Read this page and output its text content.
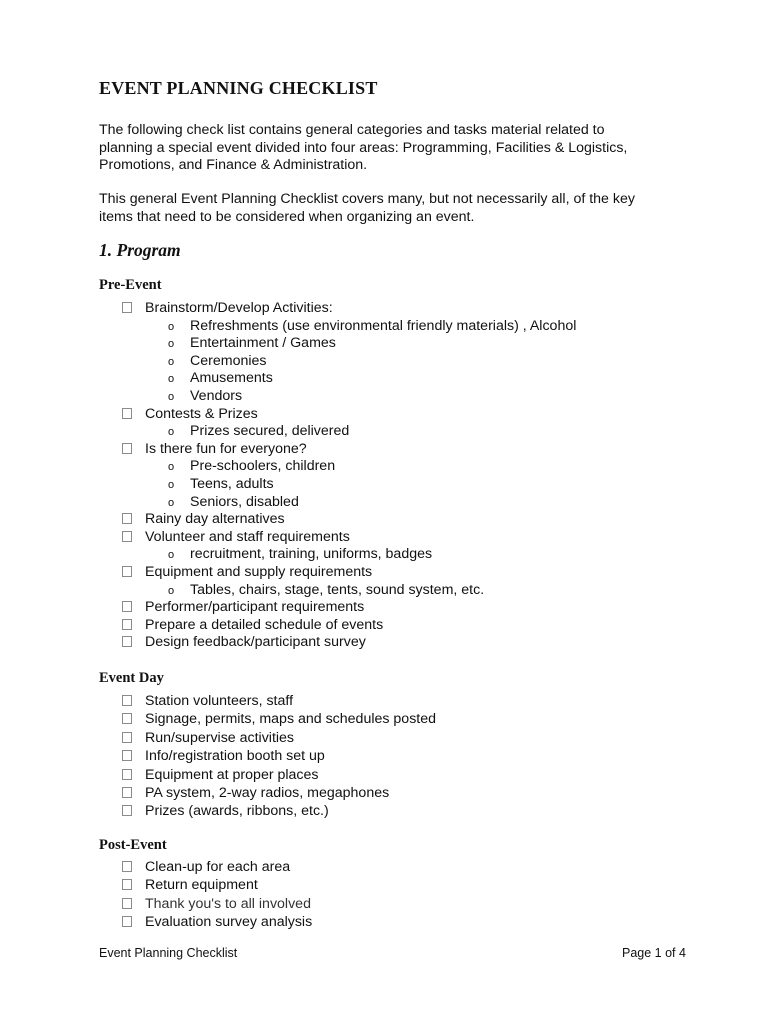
EVENT PLANNING CHECKLIST
The following check list contains general categories and tasks material related to
planning a special event divided into four areas: Programming, Facilities & Logistics,
Promotions, and Finance & Administration.
This general Event Planning Checklist covers many, but not necessarily all, of the key
items that need to be considered when organizing an event.
1. Program
Pre-Event
Brainstorm/Develop Activities:
o Refreshments (use environmental friendly materials) , Alcohol
o Entertainment / Games
o Ceremonies
o Amusements
o Vendors
Contests & Prizes
o Prizes secured, delivered
Is there fun for everyone?
o Pre-schoolers, children
o Teens, adults
o Seniors, disabled
Rainy day alternatives
Volunteer and staff requirements
o recruitment, training, uniforms, badges
Equipment and supply requirements
o Tables, chairs, stage, tents, sound system, etc.
Performer/participant requirements
Prepare a detailed schedule of events
Design feedback/participant survey
Event Day
Station volunteers, staff
Signage, permits, maps and schedules posted
Run/supervise activities
Info/registration booth set up
Equipment at proper places
PA system, 2-way radios, megaphones
Prizes (awards, ribbons, etc.)
Post-Event
Clean-up for each area
Return equipment
Thank you's to all involved
Evaluation survey analysis
Event Planning Checklist	Page 1 of 4
